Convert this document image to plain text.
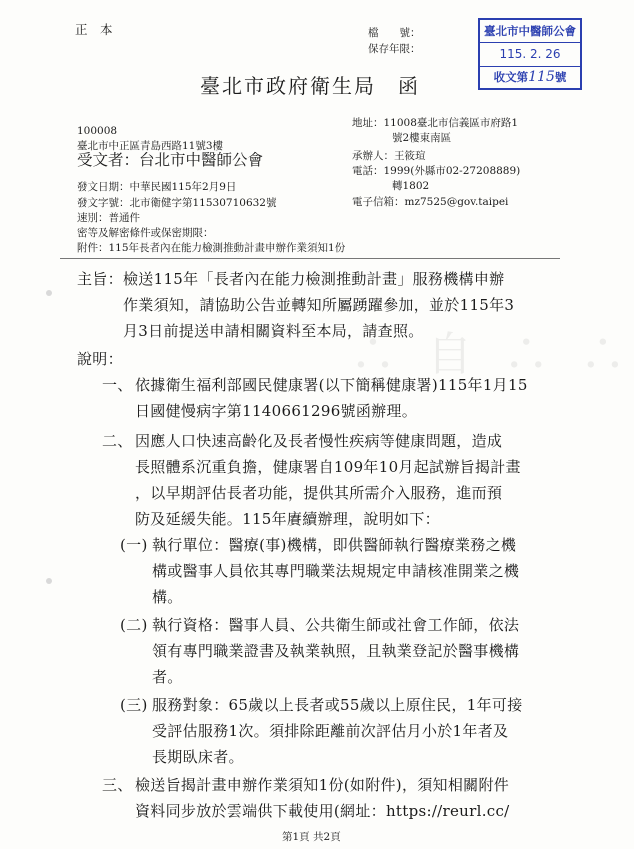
正　本	檔　　號：
保存年限：
臺北市中醫師公會
115. 2. 26
收文第115號
臺北市政府衛生局　函
100008
臺北市中正區青島西路11號3樓
受文者：台北市中醫師公會
地址：11008臺北市信義區市府路1
號2樓東南區
承辦人：王筱瑄
電話：1999(外縣市02-27208889)
轉1802
電子信箱：mz7525@gov.taipei
發文日期：中華民國115年2月9日
發文字號：北市衛健字第11530710632號
速別：普通件
密等及解密條件或保密期限：
附件：115年長者內在能力檢測推動計畫申辦作業須知1份
∴ 自 ∴ ∴
主旨： 檢送115年「長者內在能力檢測推動計畫」服務機構申辦
作業須知，請協助公告並轉知所屬踴躍參加，並於115年3
月3日前提送申請相關資料至本局，請查照。
說明：
一、 依據衛生福利部國民健康署(以下簡稱健康署)115年1月15
日國健慢病字第1140661296號函辦理。
二、 因應人口快速高齡化及長者慢性疾病等健康問題，造成
長照體系沉重負擔，健康署自109年10月起試辦旨揭計畫
，以早期評估長者功能，提供其所需介入服務，進而預
防及延緩失能。115年賡續辦理，說明如下：
(一) 執行單位：醫療(事)機構，即供醫師執行醫療業務之機
構或醫事人員依其專門職業法規規定申請核准開業之機
構。
(二) 執行資格：醫事人員、公共衛生師或社會工作師，依法
領有專門職業證書及執業執照，且執業登記於醫事機構
者。
(三) 服務對象：65歲以上長者或55歲以上原住民，1年可接
受評估服務1次。須排除距離前次評估月小於1年者及
長期臥床者。
三、 檢送旨揭計畫申辦作業須知1份(如附件)，須知相關附件
資料同步放於雲端供下載使用(網址：https://reurl.cc/
第1頁 共2頁
